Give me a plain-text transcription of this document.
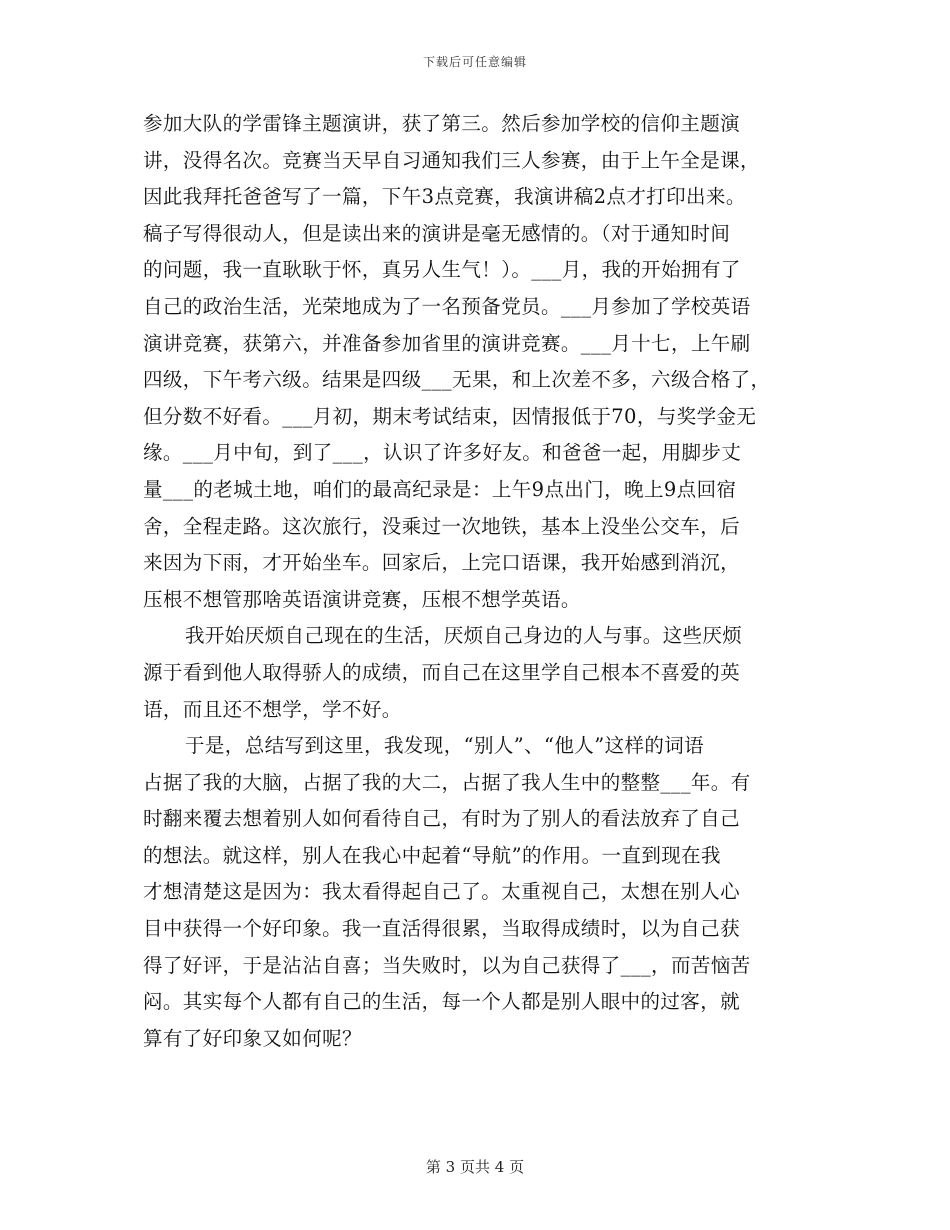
下载后可任意编辑
参加大队的学雷锋主题演讲，获了第三。然后参加学校的信仰主题演
讲，没得名次。竞赛当天早自习通知我们三人参赛，由于上午全是课，
因此我拜托爸爸写了一篇，下午3点竞赛，我演讲稿2点才打印出来。
稿子写得很动人，但是读出来的演讲是毫无感情的。（对于通知时间
的问题，我一直耿耿于怀，真另人生气！）。___月，我的开始拥有了
自己的政治生活，光荣地成为了一名预备党员。___月参加了学校英语
演讲竞赛，获第六，并准备参加省里的演讲竞赛。___月十七，上午刷
四级，下午考六级。结果是四级___无果，和上次差不多，六级合格了，
但分数不好看。___月初，期末考试结束，因情报低于70，与奖学金无
缘。___月中旬，到了___，认识了许多好友。和爸爸一起，用脚步丈
量___的老城土地，咱们的最高纪录是：上午9点出门，晚上9点回宿
舍，全程走路。这次旅行，没乘过一次地铁，基本上没坐公交车，后
来因为下雨，才开始坐车。回家后，上完口语课，我开始感到消沉，
压根不想管那啥英语演讲竞赛，压根不想学英语。
我开始厌烦自己现在的生活，厌烦自己身边的人与事。这些厌烦
源于看到他人取得骄人的成绩，而自己在这里学自己根本不喜爱的英
语，而且还不想学，学不好。
于是，总结写到这里，我发现，“别人”、“他人”这样的词语
占据了我的大脑，占据了我的大二，占据了我人生中的整整___年。有
时翻来覆去想着别人如何看待自己，有时为了别人的看法放弃了自己
的想法。就这样，别人在我心中起着“导航”的作用。一直到现在我
才想清楚这是因为：我太看得起自己了。太重视自己，太想在别人心
目中获得一个好印象。我一直活得很累，当取得成绩时，以为自己获
得了好评，于是沾沾自喜；当失败时，以为自己获得了___，而苦恼苦
闷。其实每个人都有自己的生活，每一个人都是别人眼中的过客，就
算有了好印象又如何呢？
第 3 页共 4 页
